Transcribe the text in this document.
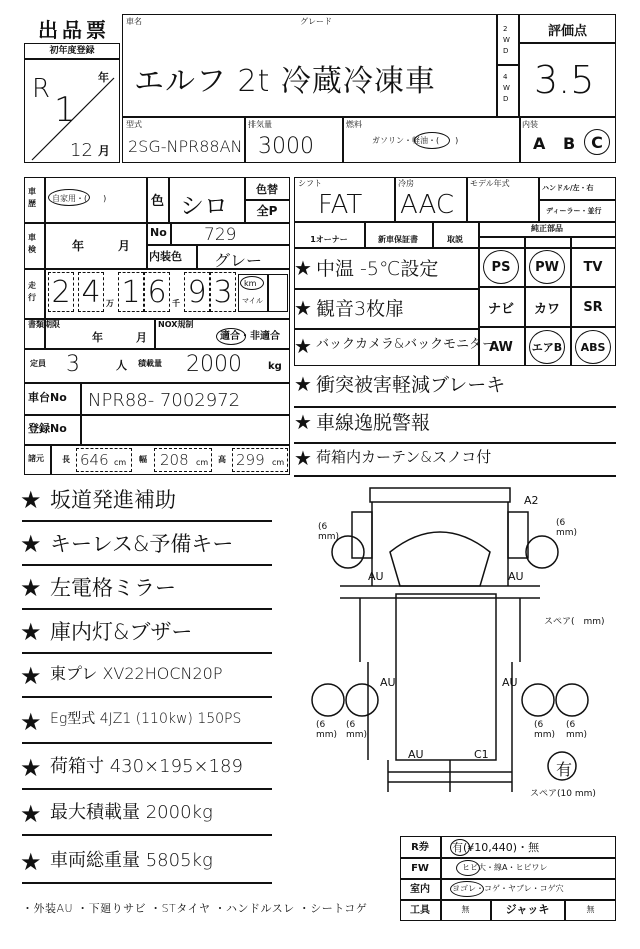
出品票
初年度登録
R
1
年
12 月
車名	グレード
エルフ 2t 冷蔵冷凍車
2 W D
4 W D
評価点
3.5
型式
2SG-NPR88AN
排気量
3000
燃料
ガソリン・軽油・(　　)
内装
A B C
車歴
自家用・(　　)	色 シロ
色替
全P
車検	年	月
No 729
内装色 グレー
走行 2 4 1 6 9 3
万	千
km
マイル
書類期限
年	月
NOX規制
適合・非適合
定員 3	人 積載量 2000	kg
車台No NPR88- 7002972
登録No
諸元 長 646 cm 幅 208 cm 高 299 cm
シフト
FAT
冷房
AAC
モデル年式	ハンドル/左・右
ディーラー・並行
1オーナー	新車保証書	取説
純正部品
PS	PW	TV
ナビ	カワ	SR
AW	エアB	ABS
★ 中温 -5℃設定
★ 観音3枚扉
★ バックカメラ&バックモニター
★ 衝突被害軽減ブレーキ
★ 車線逸脱警報
★ 荷箱内カーテン&スノコ付
★ 坂道発進補助
★ キーレス&予備キー
★ 左電格ミラー
★ 庫内灯&ブザー
★ 東プレ XV22HOCN20P
★ Eg型式 4JZ1 (110kw) 150PS
★ 荷箱寸 430×195×189
★ 最大積載量 2000kg
★ 車両総重量 5805kg
・外装AU ・下廻りサビ ・STタイヤ ・ハンドルスレ ・シートコゲ
A2
AU	AU
AU	AU
AU	C1
(6 mm)
(6 mm)
(6 mm)
(6 mm)
(6 mm)
(6 mm)
スペア(　mm)
有
スペア(10 mm)
R券	有(¥10,440)・無
FW	ヒビ大・線A・ヒビワレ
室内	ヨゴレ・コゲ・ヤブレ・コゲ穴
工具	無	ジャッキ	無
